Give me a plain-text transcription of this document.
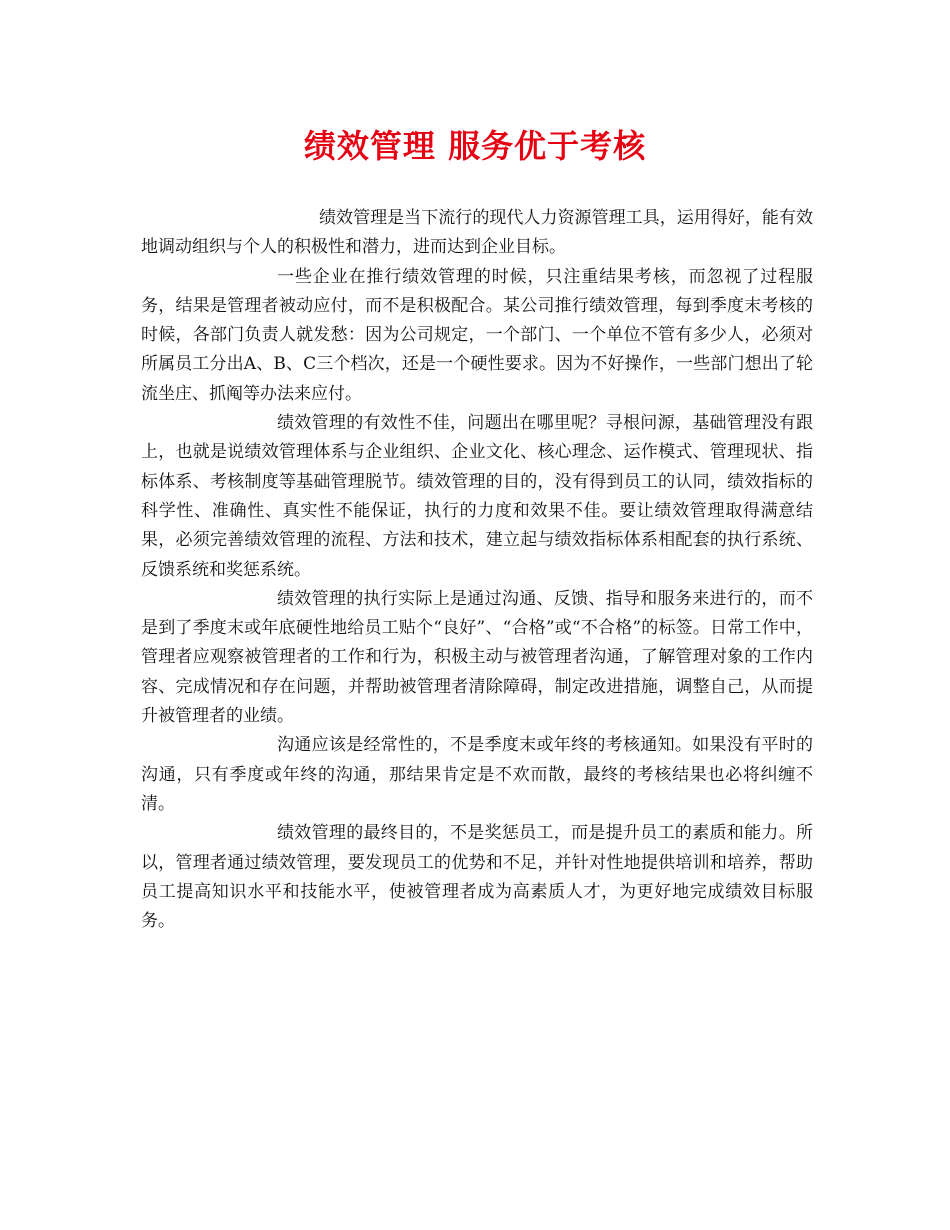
绩效管理 服务优于考核

绩效管理是当下流行的现代人力资源管理工具，运用得好，能有效地调动组织与个人的积极性和潜力，进而达到企业目标。

一些企业在推行绩效管理的时候，只注重结果考核，而忽视了过程服务，结果是管理者被动应付，而不是积极配合。某公司推行绩效管理，每到季度末考核的时候，各部门负责人就发愁：因为公司规定，一个部门、一个单位不管有多少人，必须对所属员工分出A、B、C三个档次，还是一个硬性要求。因为不好操作，一些部门想出了轮流坐庄、抓阄等办法来应付。

绩效管理的有效性不佳，问题出在哪里呢？寻根问源，基础管理没有跟上，也就是说绩效管理体系与企业组织、企业文化、核心理念、运作模式、管理现状、指标体系、考核制度等基础管理脱节。绩效管理的目的，没有得到员工的认同，绩效指标的科学性、准确性、真实性不能保证，执行的力度和效果不佳。要让绩效管理取得满意结果，必须完善绩效管理的流程、方法和技术，建立起与绩效指标体系相配套的执行系统、反馈系统和奖惩系统。

绩效管理的执行实际上是通过沟通、反馈、指导和服务来进行的，而不是到了季度末或年底硬性地给员工贴个“良好”、“合格”或“不合格”的标签。日常工作中，管理者应观察被管理者的工作和行为，积极主动与被管理者沟通，了解管理对象的工作内容、完成情况和存在问题，并帮助被管理者清除障碍，制定改进措施，调整自己，从而提升被管理者的业绩。

沟通应该是经常性的，不是季度末或年终的考核通知。如果没有平时的沟通，只有季度或年终的沟通，那结果肯定是不欢而散，最终的考核结果也必将纠缠不清。

绩效管理的最终目的，不是奖惩员工，而是提升员工的素质和能力。所以，管理者通过绩效管理，要发现员工的优势和不足，并针对性地提供培训和培养，帮助员工提高知识水平和技能水平，使被管理者成为高素质人才，为更好地完成绩效目标服务。
